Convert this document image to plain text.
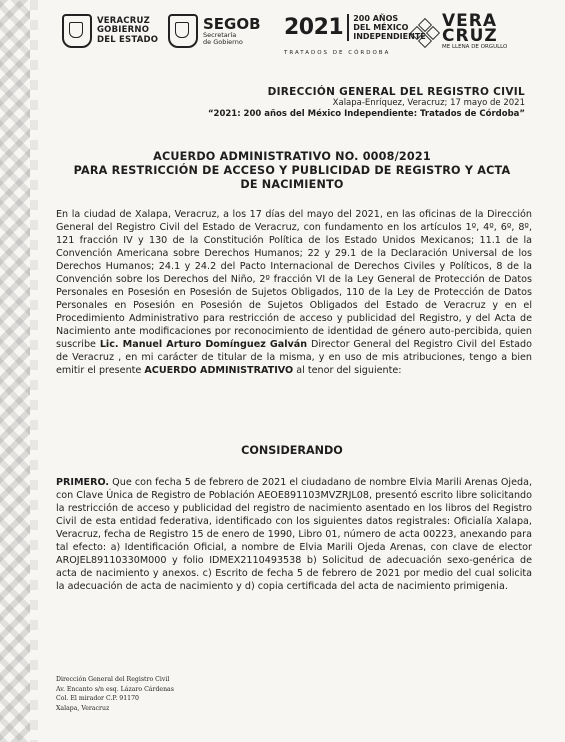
VERACRUZ
GOBIERNO
DEL ESTADO
SEGOB
Secretaría
de Gobierno
2021 200 AÑOS
DEL MÉXICO
INDEPENDIENTE
TRATADOS DE CÓRDOBA
VERA
CRUZ
ME LLENA DE ORGULLO
DIRECCIÓN GENERAL DEL REGISTRO CIVIL
Xalapa-Enríquez, Veracruz; 17 mayo de 2021
“2021: 200 años del México Independiente: Tratados de Córdoba”
ACUERDO ADMINISTRATIVO NO. 0008/2021
PARA RESTRICCIÓN DE ACCESO Y PUBLICIDAD DE REGISTRO Y ACTA
DE NACIMIENTO

En la ciudad de Xalapa, Veracruz, a los 17 días del mayo del 2021, en las oficinas de la Dirección General del Registro Civil del Estado de Veracruz, con fundamento en los artículos 1º, 4º, 6º, 8º, 121 fracción IV y 130 de la Constitución Política de los Estado Unidos Mexicanos; 11.1 de la Convención Americana sobre Derechos Humanos; 22 y 29.1 de la Declaración Universal de los Derechos Humanos; 24.1 y 24.2 del Pacto Internacional de Derechos Civiles y Políticos, 8 de la Convención sobre los Derechos del Niño, 2º fracción VI de la Ley General de Protección de Datos Personales en Posesión en Posesión de Sujetos Obligados, 110 de la Ley de Protección de Datos Personales en Posesión en Posesión de Sujetos Obligados del Estado de Veracruz y en el Procedimiento Administrativo para restricción de acceso y publicidad del Registro, y del Acta de Nacimiento ante modificaciones por reconocimiento de identidad de género auto-percibida, quien suscribe Lic. Manuel Arturo Domínguez Galván Director General del Registro Civil del Estado de Veracruz , en mi carácter de titular de la misma, y en uso de mis atribuciones, tengo a bien emitir el presente ACUERDO ADMINISTRATIVO al tenor del siguiente:

CONSIDERANDO

PRIMERO. Que con fecha 5 de febrero de 2021 el ciudadano de nombre Elvia Marili Arenas Ojeda, con Clave Única de Registro de Población AEOE891103MVZRJL08, presentó escrito libre solicitando la restricción de acceso y publicidad del registro de nacimiento asentado en los libros del Registro Civil de esta entidad federativa, identificado con los siguientes datos registrales: Oficialía Xalapa, Veracruz, fecha de Registro 15 de enero de 1990, Libro 01, número de acta 00223, anexando para tal efecto: a) Identificación Oficial, a nombre de Elvia Marili Ojeda Arenas, con clave de elector AROJEL89110330M000 y folio IDMEX2110493538 b) Solicitud de adecuación sexo-genérica de acta de nacimiento y anexos. c) Escrito de fecha 5 de febrero de 2021 por medio del cual solicita la adecuación de acta de nacimiento y d) copia certificada del acta de nacimiento primigenia.

Dirección General del Registro Civil
Av. Encanto s/n esq. Lázaro Cárdenas
Col. El mirador C.P. 91170
Xalapa, Veracruz
